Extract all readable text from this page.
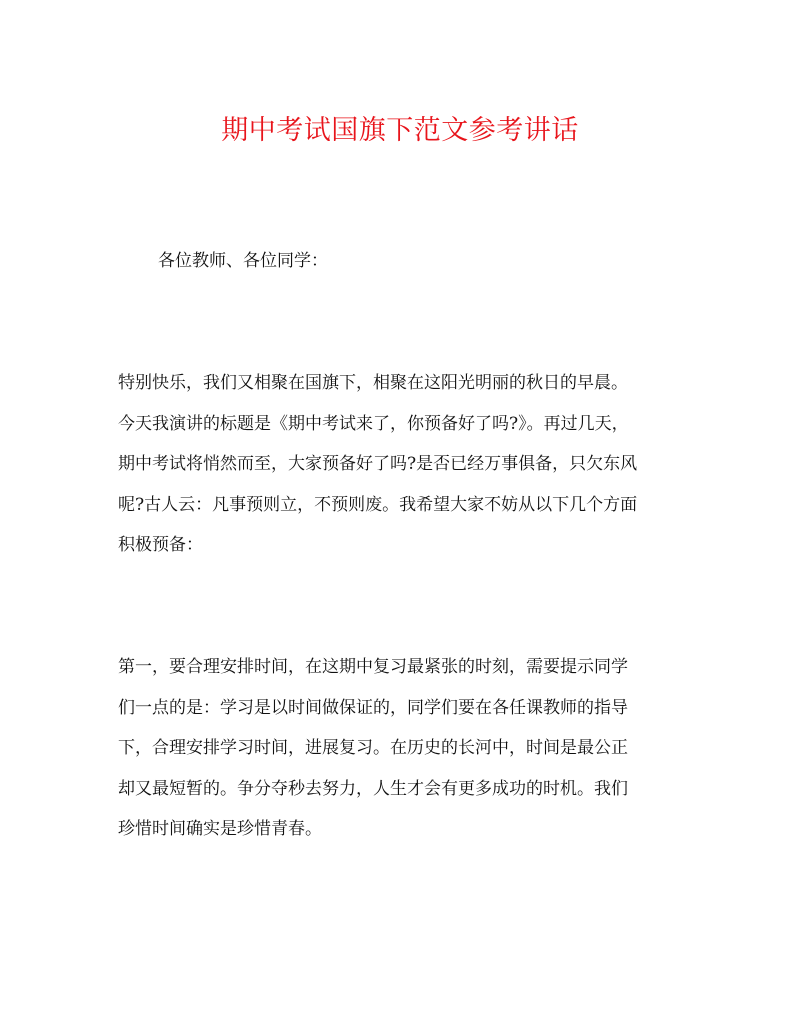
期中考试国旗下范文参考讲话

各位教师、各位同学：

特别快乐，我们又相聚在国旗下，相聚在这阳光明丽的秋日的早晨。
今天我演讲的标题是《期中考试来了，你预备好了吗?》。再过几天，
期中考试将悄然而至，大家预备好了吗?是否已经万事俱备，只欠东风
呢?古人云：凡事预则立，不预则废。我希望大家不妨从以下几个方面
积极预备：

第一，要合理安排时间，在这期中复习最紧张的时刻，需要提示同学
们一点的是：学习是以时间做保证的，同学们要在各任课教师的指导
下，合理安排学习时间，进展复习。在历史的长河中，时间是最公正
却又最短暂的。争分夺秒去努力，人生才会有更多成功的时机。我们
珍惜时间确实是珍惜青春。
